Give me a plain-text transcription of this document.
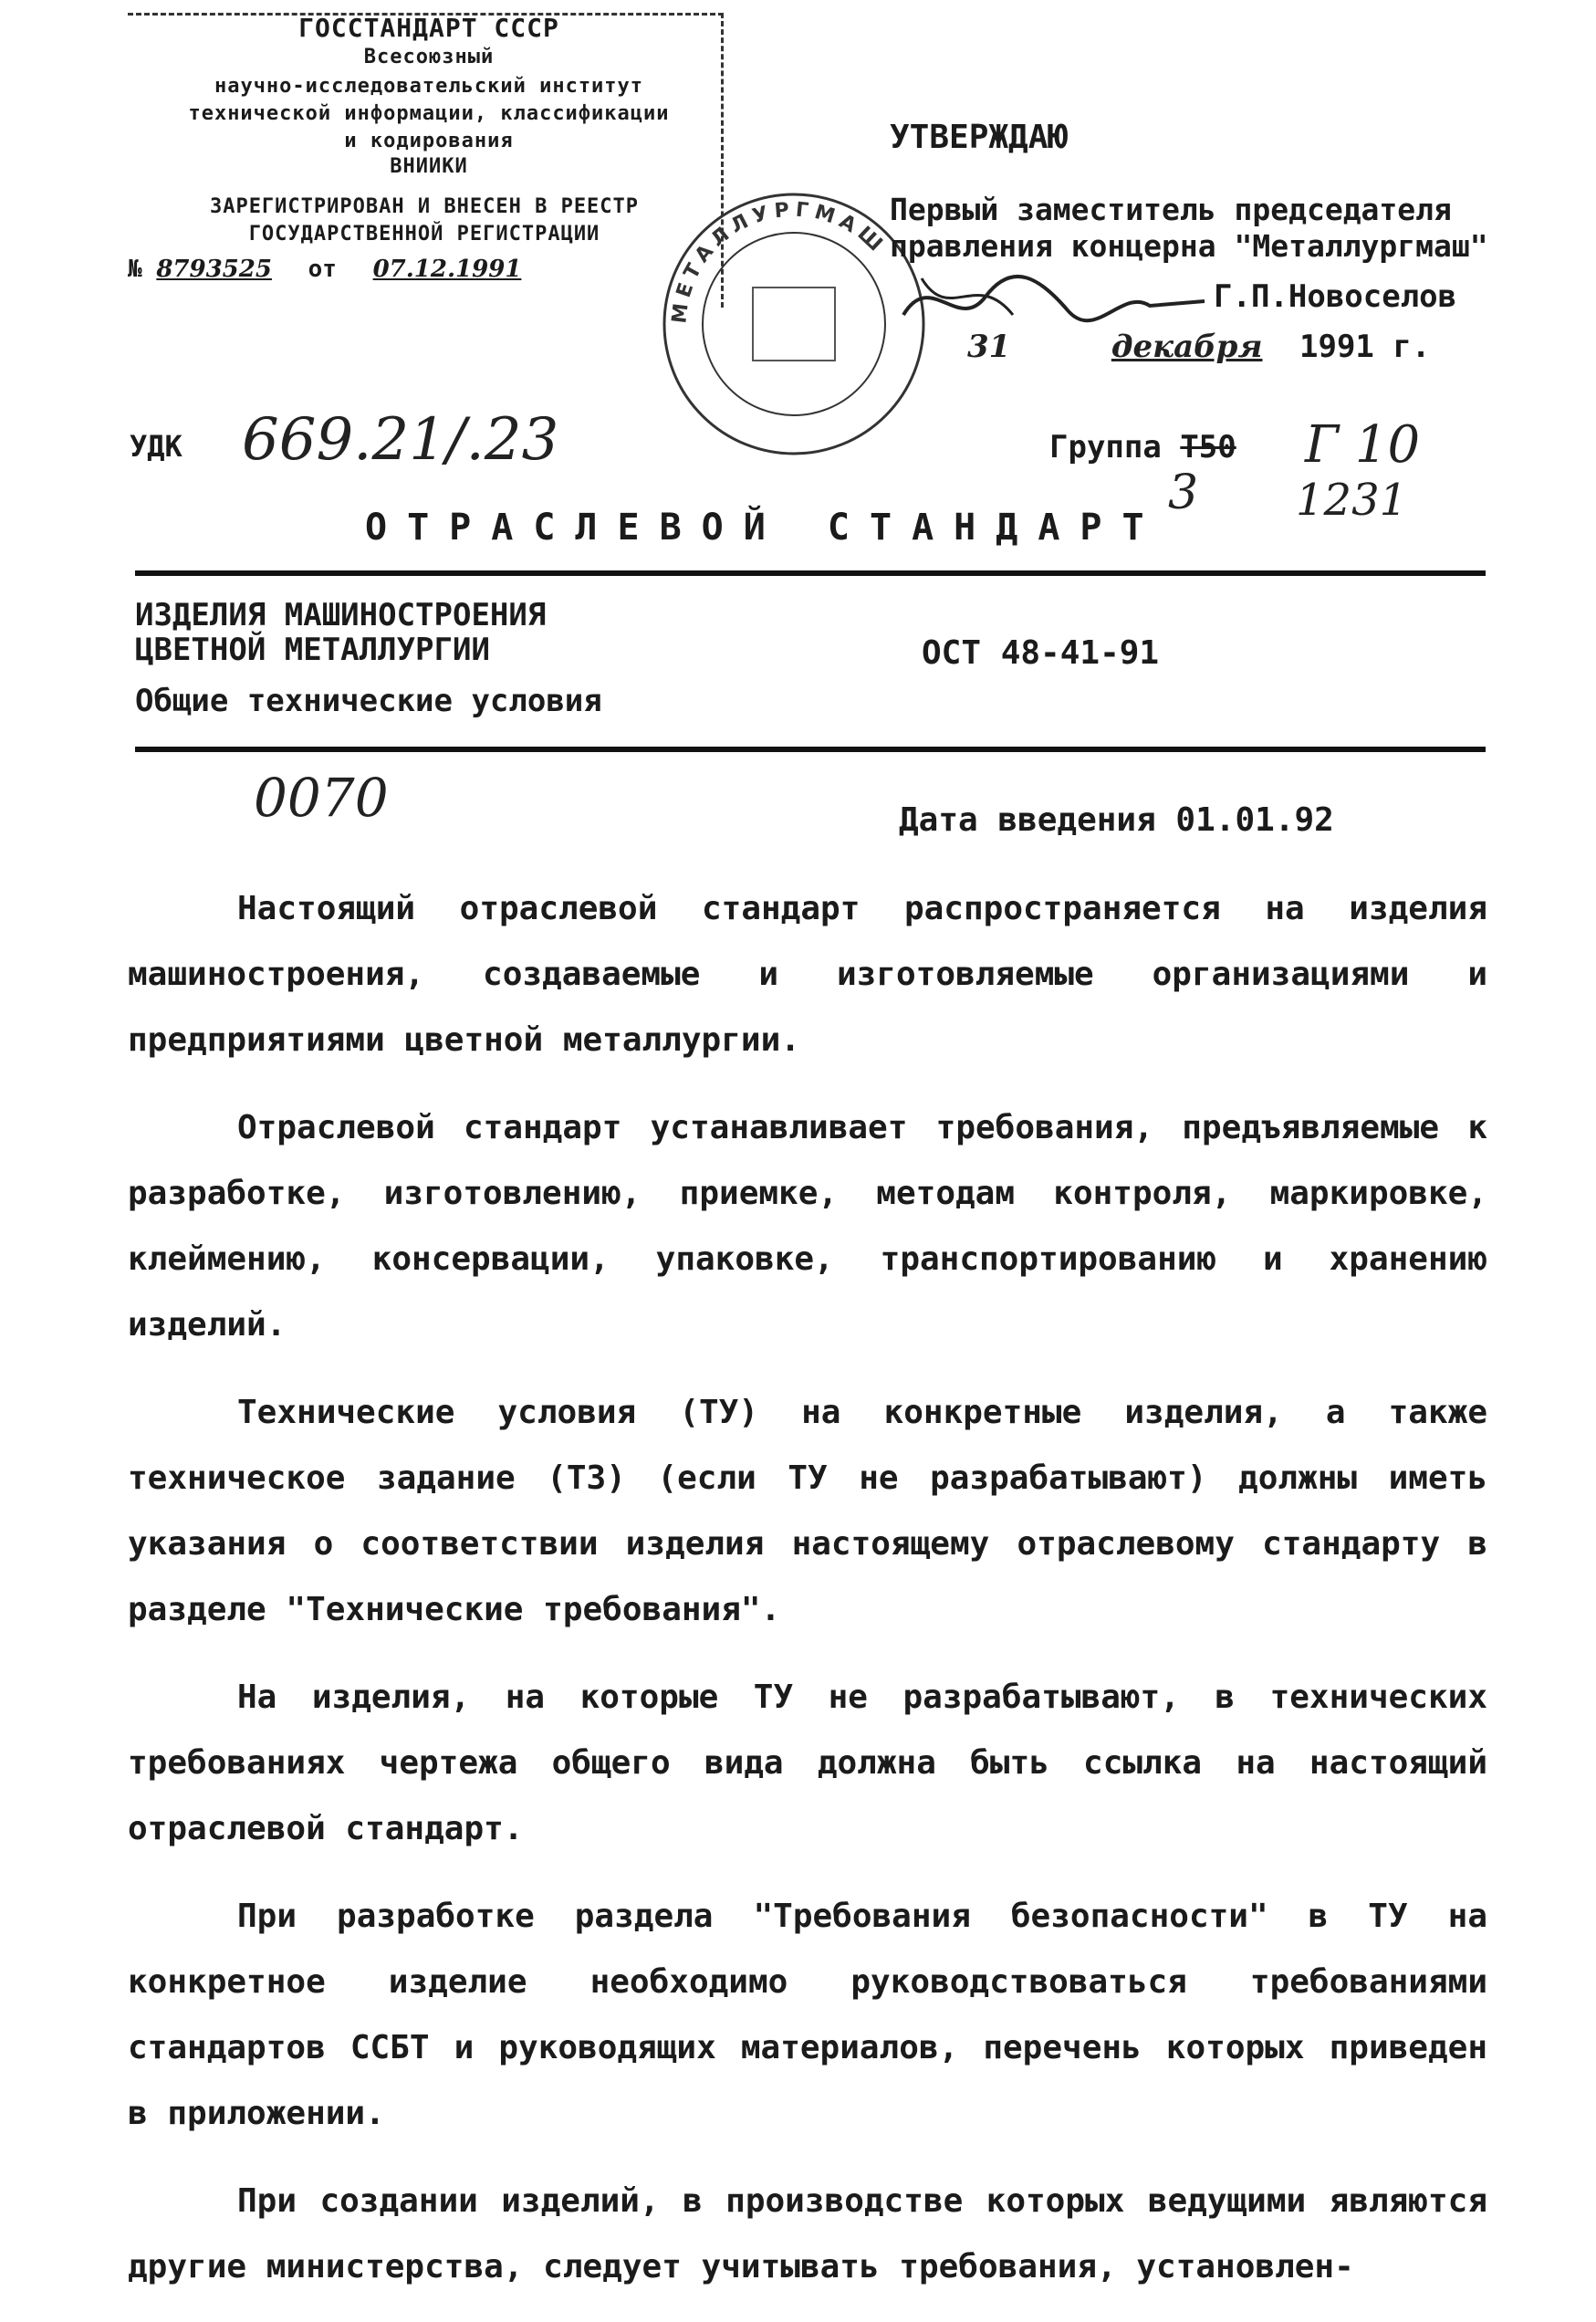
ГОССТАНДАРТ СССР
Всесоюзный
научно-исследовательский институт
технической информации, классификации
и кодирования
ВНИИКИ
ЗАРЕГИСТРИРОВАН И ВНЕСЕН В РЕЕСТР
ГОСУДАРСТВЕННОЙ РЕГИСТРАЦИИ
№ 8793525 от 07.12.1991
МЕТАЛЛУРГМАШ
УТВЕРЖДАЮ
Первый заместитель председателя
правления концерна "Металлургмаш"
Г.П.Новоселов
31	декабря 1991 г.
УДК 669.21/.23	Группа Т50 Г 10
3 1231
ОТРАСЛЕВОЙ СТАНДАРТ
ИЗДЕЛИЯ МАШИНОСТРОЕНИЯ
ЦВЕТНОЙ МЕТАЛЛУРГИИ
Общие технические условия
ОСТ 48-41-91
0070	Дата введения 01.01.92

Настоящий отраслевой стандарт распространяется на изделия машиностроения, создаваемые и изготовляемые организациями и предприятиями цветной металлургии.

Отраслевой стандарт устанавливает требования, предъявляемые к разработке, изготовлению, приемке, методам контроля, маркировке, клеймению, консервации, упаковке, транспортированию и хранению изделий.

Технические условия (ТУ) на конкретные изделия, а также техническое задание (ТЗ) (если ТУ не разрабатывают) должны иметь указания о соответствии изделия настоящему отраслевому стандарту в разделе "Технические требования".

На изделия, на которые ТУ не разрабатывают, в технических требованиях чертежа общего вида должна быть ссылка на настоящий отраслевой стандарт.

При разработке раздела "Требования безопасности" в ТУ на конкретное изделие необходимо руководствоваться требованиями стандартов ССБТ и руководящих материалов, перечень которых приведен в приложении.

При создании изделий, в производстве которых ведущими являются другие министерства, следует учитывать требования, установлен-
